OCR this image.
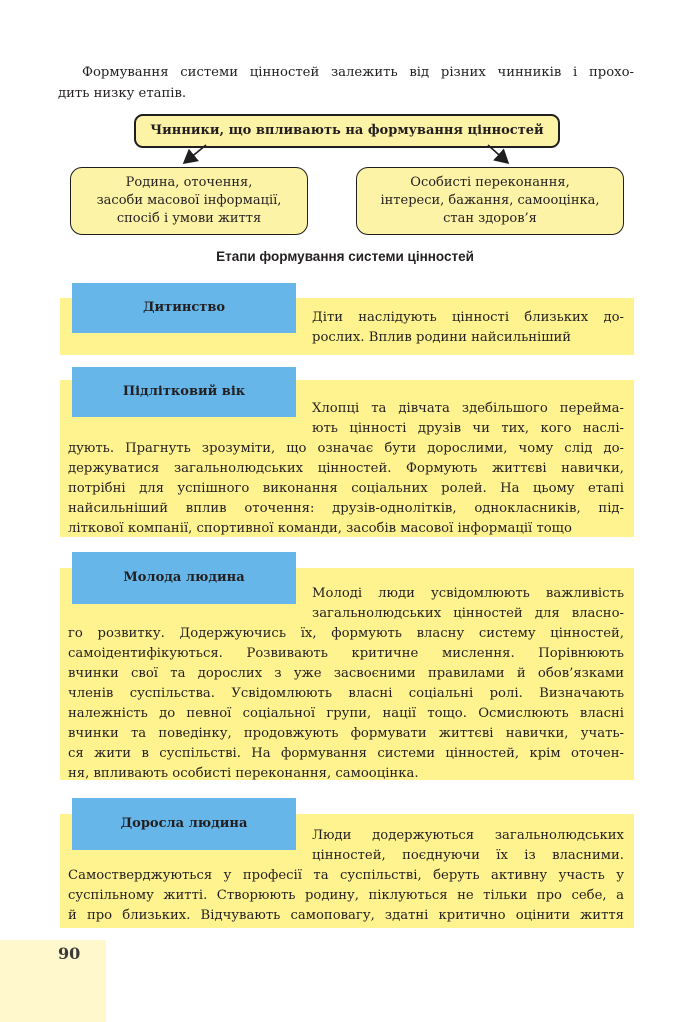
Формування системи цінностей залежить від різних чинників і прохо-
дить низку етапів.
Чинники, що впливають на формування цінностей
Родина, оточення,
засоби масової інформації,
спосіб і умови життя
Особисті переконання,
інтереси, бажання, самооцінка,
стан здоров’я
Етапи формування системи цінностей
Дитинство
Діти наслідують цінності близьких до-
рослих. Вплив родини найсильніший
Підлітковий вік
Хлопці та дівчата здебільшого перейма-
ють цінності друзів чи тих, кого наслі-
дують. Прагнуть зрозуміти, що означає бути дорослими, чому слід до-
держуватися загальнолюдських цінностей. Формують життєві навички,
потрібні для успішного виконання соціальних ролей. На цьому етапі
найсильніший вплив оточення: друзів-однолітків, однокласників, під-
літкової компанії, спортивної команди, засобів масової інформації тощо
Молода людина
Молоді люди усвідомлюють важливість
загальнолюдських цінностей для власно-
го розвитку. Додержуючись їх, формують власну систему цінностей,
самоідентифікуються. Розвивають критичне мислення. Порівнюють
вчинки свої та дорослих з уже засвоєними правилами й обов’язками
членів суспільства. Усвідомлюють власні соціальні ролі. Визначають
належність до певної соціальної групи, нації тощо. Осмислюють власні
вчинки та поведінку, продовжують формувати життєві навички, учать-
ся жити в суспільстві. На формування системи цінностей, крім оточен-
ня, впливають особисті переконання, самооцінка.
Доросла людина
Люди додержуються загальнолюдських
цінностей, поєднуючи їх із власними.
Самостверджуються у професії та суспільстві, беруть активну участь у
суспільному житті. Створюють родину, піклуються не тільки про себе, а
й про близьких. Відчувають самоповагу, здатні критично оцінити життя
90
